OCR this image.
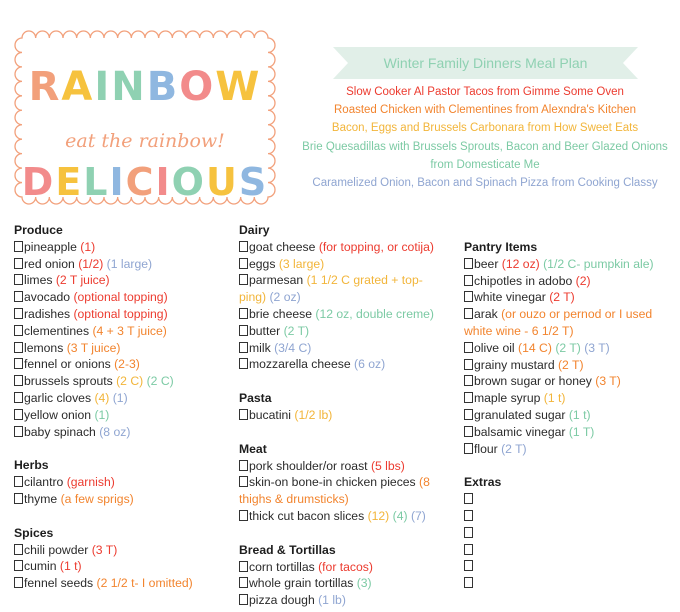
RAINBOW
eat the rainbow!
DELICIOUS
Winter Family Dinners Meal Plan
Slow Cooker Al Pastor Tacos from Gimme Some Oven
Roasted Chicken with Clementines from Alexndra's Kitchen
Bacon, Eggs and Brussels Carbonara from How Sweet Eats
Brie Quesadillas with Brussels Sprouts, Bacon and Beer Glazed Onions
from Domesticate Me
Caramelized Onion, Bacon and Spinach Pizza from Cooking Classy
Produce
pineapple (1)
red onion (1/2) (1 large)
limes (2 T juice)
avocado (optional topping)
radishes (optional topping)
clementines (4 + 3 T juice)
lemons (3 T juice)
fennel or onions (2-3)
brussels sprouts (2 C) (2 C)
garlic cloves (4) (1)
yellow onion (1)
baby spinach (8 oz)
Herbs
cilantro (garnish)
thyme (a few sprigs)
Spices
chili powder (3 T)
cumin (1 t)
fennel seeds (2 1/2 t- I omitted)
Dairy
goat cheese (for topping, or cotija)
eggs (3 large)
parmesan (1 1/2 C grated + top-ping) (2 oz)
brie cheese (12 oz, double creme)
butter (2 T)
milk (3/4 C)
mozzarella cheese (6 oz)
Pasta
bucatini (1/2 lb)
Meat
pork shoulder/or roast (5 lbs)
skin-on bone-in chicken pieces (8 thighs & drumsticks)
thick cut bacon slices (12) (4) (7)
Bread & Tortillas
corn tortillas (for tacos)
whole grain tortillas (3)
pizza dough (1 lb)
Pantry Items
beer (12 oz) (1/2 C- pumpkin ale)
chipotles in adobo (2)
white vinegar (2 T)
arak (or ouzo or pernod or I used white wine - 6 1/2 T)
olive oil (14 C) (2 T) (3 T)
grainy mustard (2 T)
brown sugar or honey (3 T)
maple syrup (1 t)
granulated sugar (1 t)
balsamic vinegar (1 T)
flour (2 T)
Extras
